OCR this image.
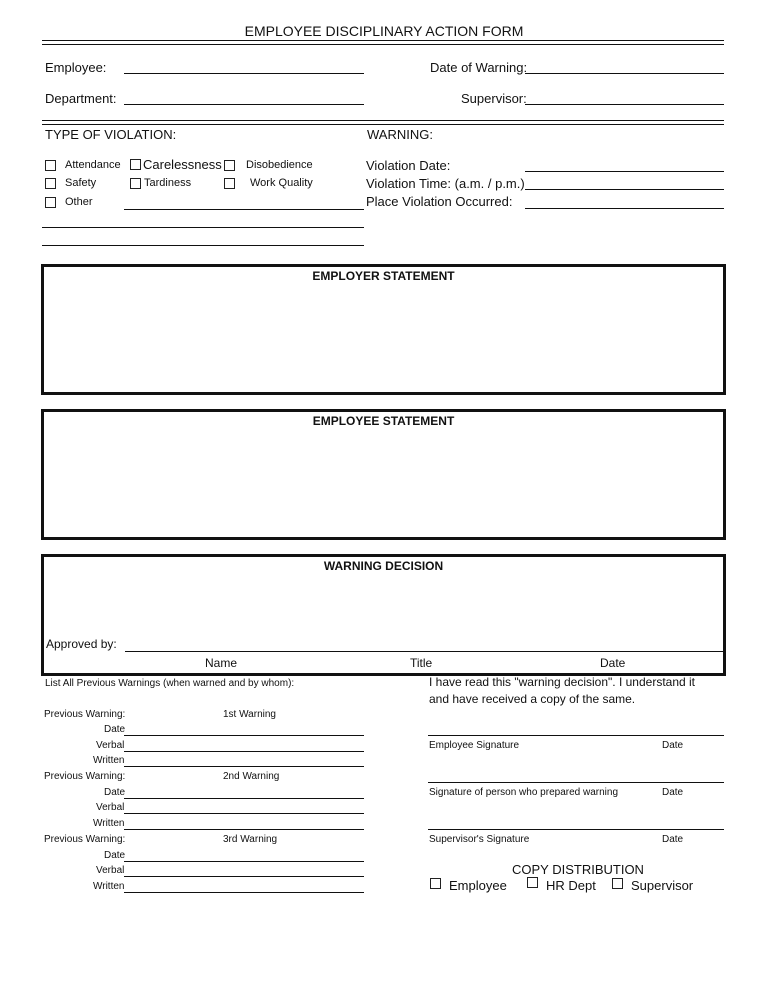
EMPLOYEE DISCIPLINARY ACTION FORM
Employee:	Date of Warning:
Department:	Supervisor:
TYPE OF VIOLATION:
Attendance Carelessness Disobedience
Safety	Tardiness	Work Quality
Other
WARNING:
Violation Date:
Violation Time: (a.m. / p.m.)
Place Violation Occurred:
EMPLOYER STATEMENT
EMPLOYEE STATEMENT
WARNING DECISION
Approved by:
Name	Title	Date
List All Previous Warnings (when warned and by whom):
Previous Warning:	1st Warning
Date
Verbal
Written
Previous Warning:	2nd Warning
Date
Verbal
Written
Previous Warning:	3rd Warning
Date
Verbal
Written
I have read this "warning decision". I understand it
and have received a copy of the same.
Employee Signature	Date
Signature of person who prepared warning	Date
Supervisor's Signature	Date
COPY DISTRIBUTION
Employee	HR Dept	Supervisor
